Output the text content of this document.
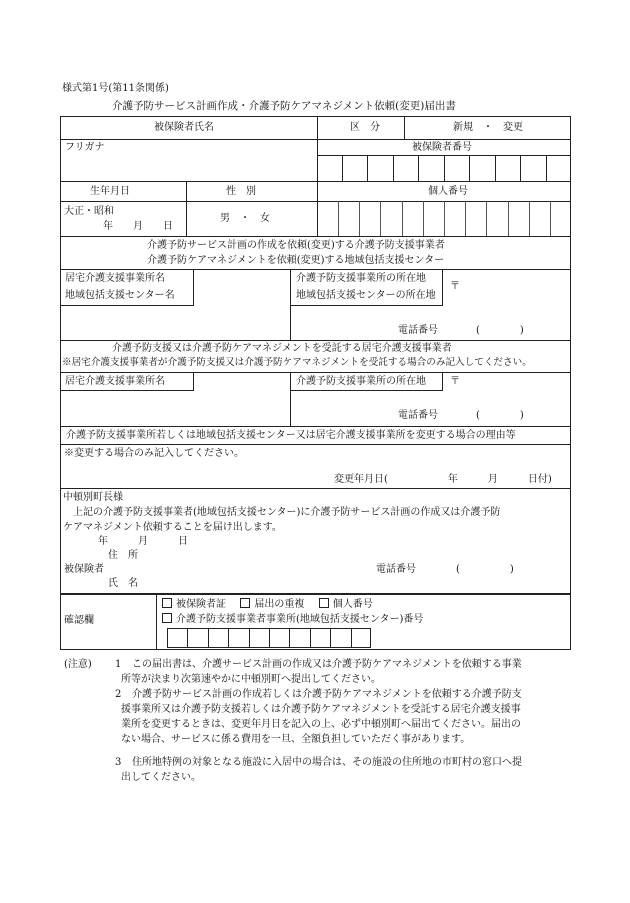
様式第1号(第11条関係)
介護予防サービス計画作成・介護予防ケアマネジメント依頼(変更)届出書
被保険者氏名	区　分	新規　・　変更
フリガナ	被保険者番号
生年月日	性　別	個人番号
大正・昭和
年　　月　　日
男　・　女
介護予防サービス計画の作成を依頼(変更)する介護予防支援事業者
介護予防ケアマネジメントを依頼(変更)する地域包括支援センター
居宅介護支援事業所名
地域包括支援センター名
介護予防支援事業所の所在地
地域包括支援センターの所在地
〒
電話番号	(　　　　)
介護予防支援又は介護予防ケアマネジメントを受託する居宅介護支援事業者
※居宅介護支援事業者が介護予防支援又は介護予防ケアマネジメントを受託する場合のみ記入してください。
居宅介護支援事業所名	介護予防支援事業所の所在地 〒
電話番号	(　　　　)
介護予防支援事業所若しくは地域包括支援センター又は居宅介護支援事業所を変更する場合の理由等
※変更する場合のみ記入してください。
変更年月日(　　　　　　年　　　月　　　日付)
中頓別町長様
　上記の介護予防支援事業者(地域包括支援センター)に介護予防サービス計画の作成又は介護予防
ケアマネジメント依頼することを届け出します。
年　　　月　　　日
住　所
被保険者	電話番号　　　　(　　　　　)
氏　名
確認欄
被保険者証	届出の重複	個人番号
介護予防支援事業者事業所(地域包括支援センター)番号
(注意) 1 この届出書は、介護サービス計画の作成又は介護予防ケアマネジメントを依頼する事業
所等が決まり次第速やかに中頓別町へ提出してください。
2 介護予防サービス計画の作成若しくは介護予防ケアマネジメントを依頼する介護予防支
援事業所又は介護予防支援若しくは介護予防ケアマネジメントを受託する居宅介護支援事
業所を変更するときは、変更年月日を記入の上、必ず中頓別町へ届出てください。届出の
ない場合、サービスに係る費用を一旦、全額負担していただく事があります。
3 住所地特例の対象となる施設に入居中の場合は、その施設の住所地の市町村の窓口へ提
出してください。
